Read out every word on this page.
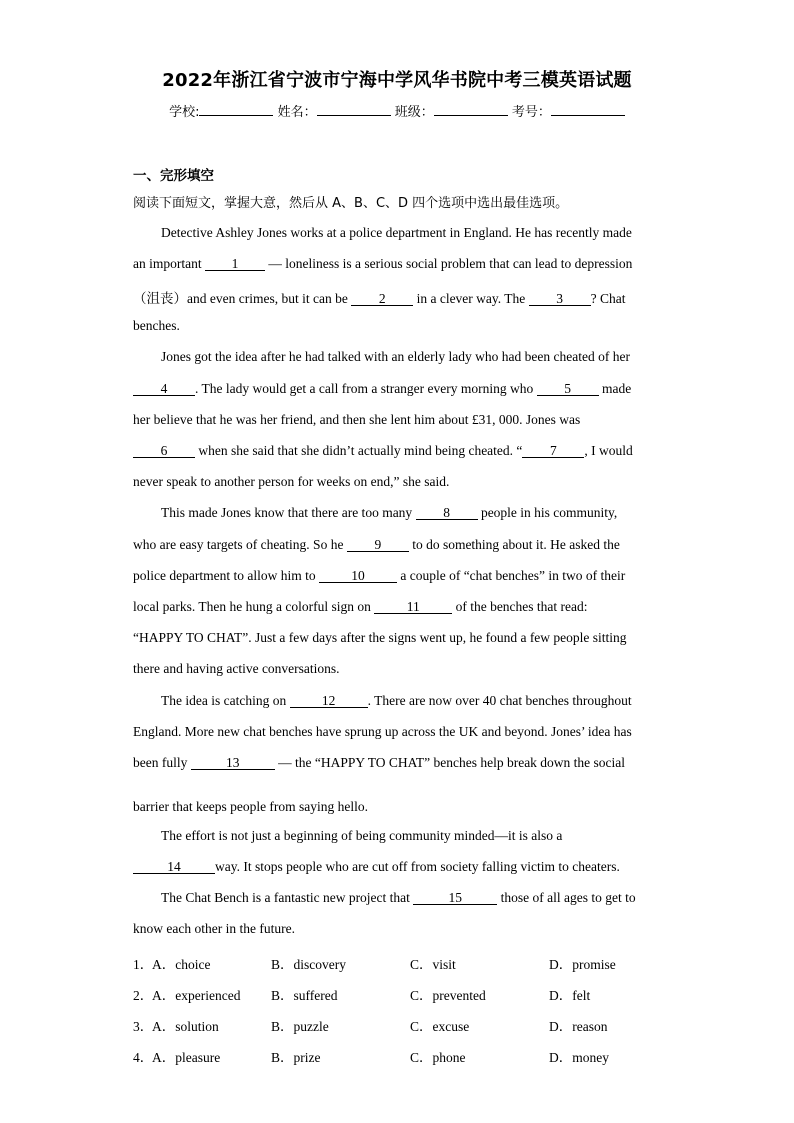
2022年浙江省宁波市宁海中学风华书院中考三模英语试题
学校:	姓名：	班级：	考号：
一、完形填空
阅读下面短文，掌握大意，然后从 A、B、C、D 四个选项中选出最佳选项。
Detective Ashley Jones works at a police department in England. He has recently made
an important 1 — loneliness is a serious social problem that can lead to depression
（沮丧）and even crimes, but it can be 2 in a clever way. The 3 ? Chat
benches.
Jones got the idea after he had talked with an elderly lady who had been cheated of her
4 . The lady would get a call from a stranger every morning who 5 made
her believe that he was her friend, and then she lent him about £31, 000. Jones was
6 when she said that she didn’t actually mind being cheated. “ 7 , I would
never speak to another person for weeks on end,” she said.
This made Jones know that there are too many 8 people in his community,
who are easy targets of cheating. So he 9 to do something about it. He asked the
police department to allow him to 10 a couple of “chat benches” in two of their
local parks. Then he hung a colorful sign on 11 of the benches that read:
“HAPPY TO CHAT”. Just a few days after the signs went up, he found a few people sitting
there and having active conversations.
The idea is catching on 12 . There are now over 40 chat benches throughout
England. More new chat benches have sprung up across the UK and beyond. Jones’ idea has
been fully	13	— the “HAPPY TO CHAT” benches help break down the social
barrier that keeps people from saying hello.
The effort is not just a beginning of being community minded—it is also a
14	way. It stops people who are cut off from society falling victim to cheaters.
The Chat Bench is a fantastic new project that	15	those of all ages to get to
know each other in the future.
1．
A．choice	B．discovery	C．visit	D．promise
2．
A．experienced B．suffered	C．prevented	D．felt
3．
A．solution	B．puzzle	C．excuse	D．reason
4．
A．pleasure	B．prize	C．phone	D．money
